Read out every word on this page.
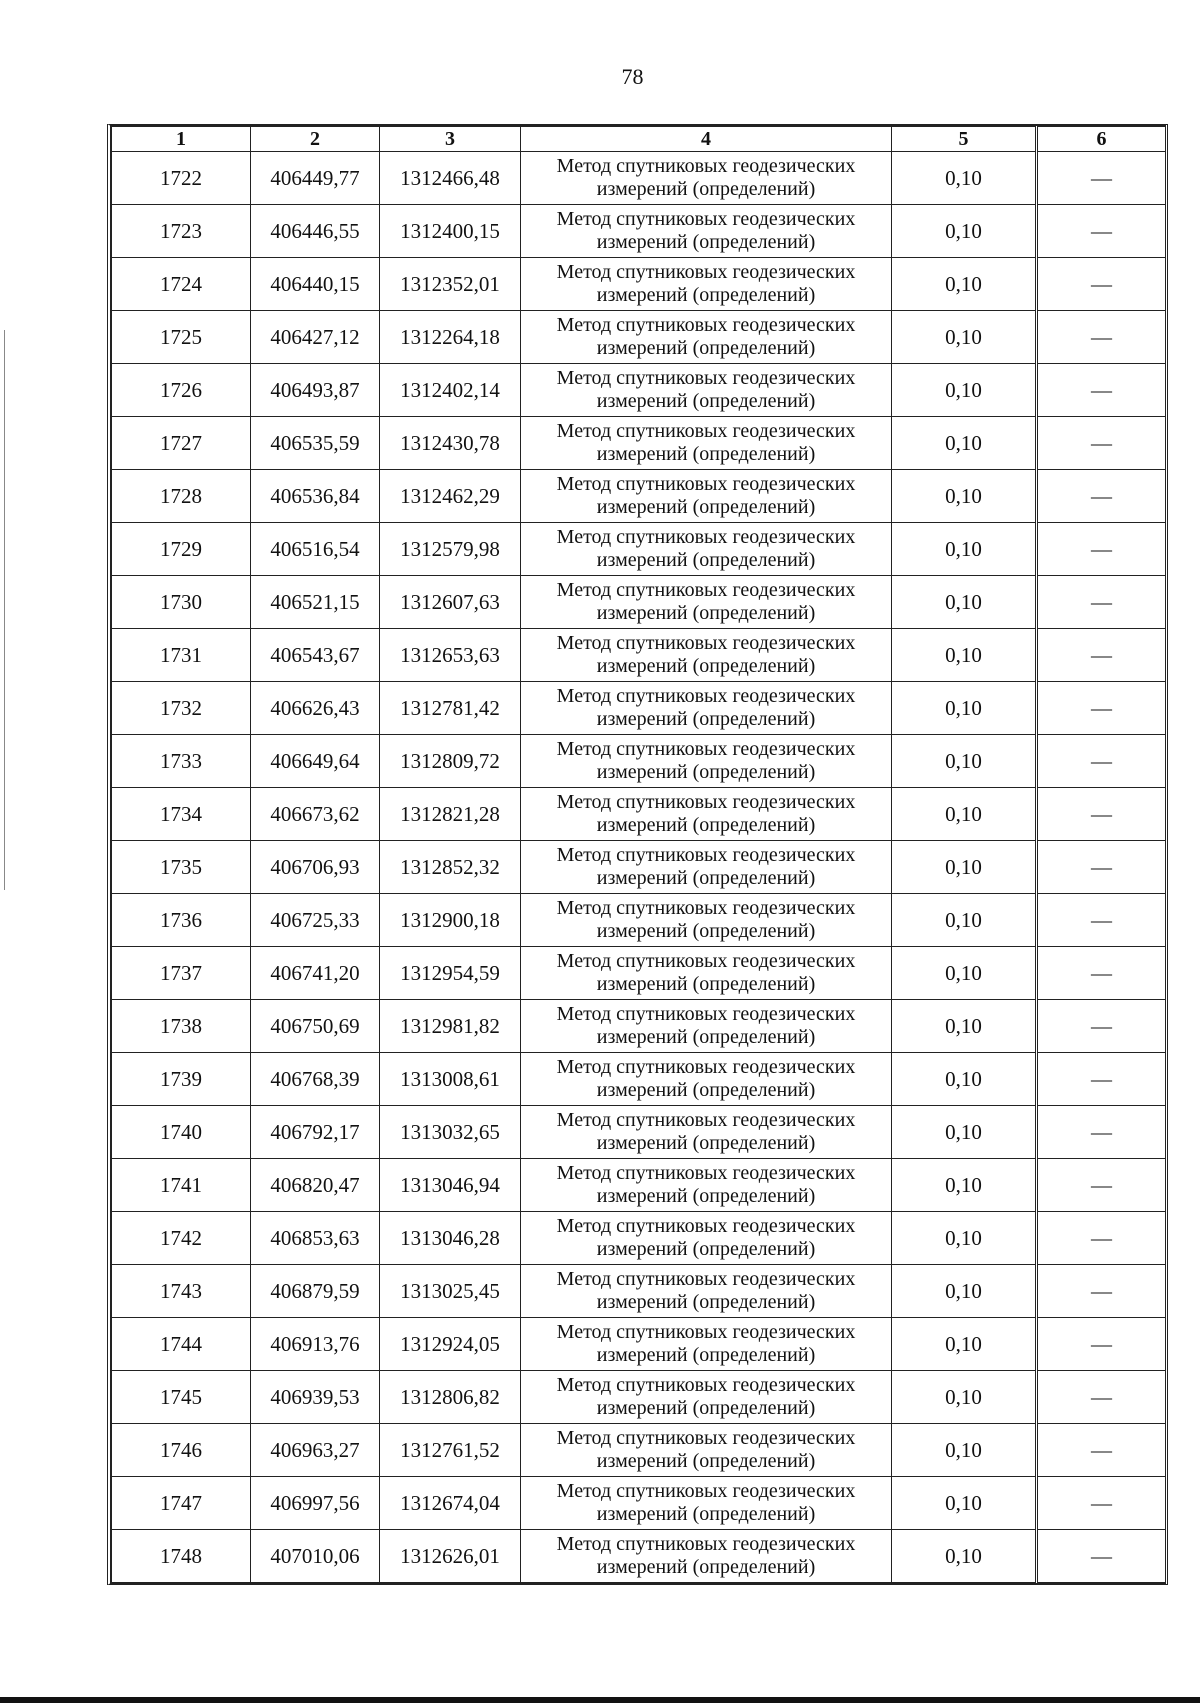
78
1	2	3	4	5	6
1722	406449,77	1312466,48	Метод спутниковых геодезических измерений (определений)	0,10	—
1723	406446,55	1312400,15	Метод спутниковых геодезических измерений (определений)	0,10	—
1724	406440,15	1312352,01	Метод спутниковых геодезических измерений (определений)	0,10	—
1725	406427,12	1312264,18	Метод спутниковых геодезических измерений (определений)	0,10	—
1726	406493,87	1312402,14	Метод спутниковых геодезических измерений (определений)	0,10	—
1727	406535,59	1312430,78	Метод спутниковых геодезических измерений (определений)	0,10	—
1728	406536,84	1312462,29	Метод спутниковых геодезических измерений (определений)	0,10	—
1729	406516,54	1312579,98	Метод спутниковых геодезических измерений (определений)	0,10	—
1730	406521,15	1312607,63	Метод спутниковых геодезических измерений (определений)	0,10	—
1731	406543,67	1312653,63	Метод спутниковых геодезических измерений (определений)	0,10	—
1732	406626,43	1312781,42	Метод спутниковых геодезических измерений (определений)	0,10	—
1733	406649,64	1312809,72	Метод спутниковых геодезических измерений (определений)	0,10	—
1734	406673,62	1312821,28	Метод спутниковых геодезических измерений (определений)	0,10	—
1735	406706,93	1312852,32	Метод спутниковых геодезических измерений (определений)	0,10	—
1736	406725,33	1312900,18	Метод спутниковых геодезических измерений (определений)	0,10	—
1737	406741,20	1312954,59	Метод спутниковых геодезических измерений (определений)	0,10	—
1738	406750,69	1312981,82	Метод спутниковых геодезических измерений (определений)	0,10	—
1739	406768,39	1313008,61	Метод спутниковых геодезических измерений (определений)	0,10	—
1740	406792,17	1313032,65	Метод спутниковых геодезических измерений (определений)	0,10	—
1741	406820,47	1313046,94	Метод спутниковых геодезических измерений (определений)	0,10	—
1742	406853,63	1313046,28	Метод спутниковых геодезических измерений (определений)	0,10	—
1743	406879,59	1313025,45	Метод спутниковых геодезических измерений (определений)	0,10	—
1744	406913,76	1312924,05	Метод спутниковых геодезических измерений (определений)	0,10	—
1745	406939,53	1312806,82	Метод спутниковых геодезических измерений (определений)	0,10	—
1746	406963,27	1312761,52	Метод спутниковых геодезических измерений (определений)	0,10	—
1747	406997,56	1312674,04	Метод спутниковых геодезических измерений (определений)	0,10	—
1748	407010,06	1312626,01	Метод спутниковых геодезических измерений (определений)	0,10	—
